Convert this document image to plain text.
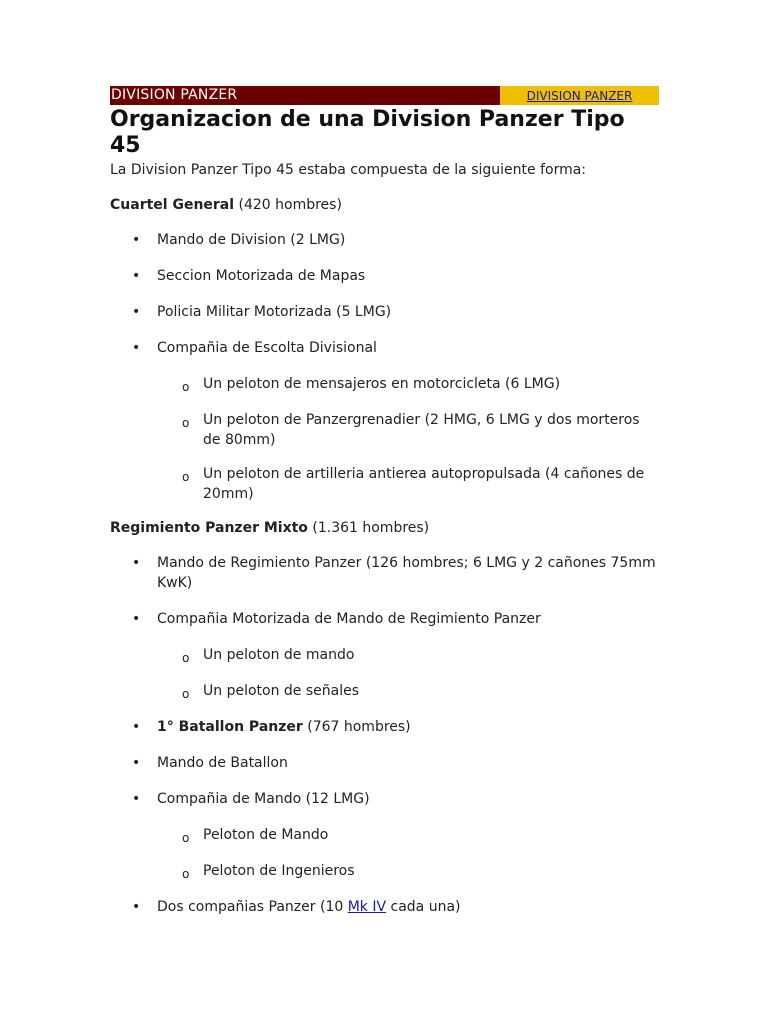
DIVISION PANZER	DIVISION PANZER
Organizacion de una Division Panzer Tipo 45

La Division Panzer Tipo 45 estaba compuesta de la siguiente forma:

Cuartel General (420 hombres)

• Mando de Division (2 LMG)
• Seccion Motorizada de Mapas
• Policia Militar Motorizada (5 LMG)
• Compañia de Escolta Divisional
o Un peloton de mensajeros en motorcicleta (6 LMG)
o Un peloton de Panzergrenadier (2 HMG, 6 LMG y dos morteros de 80mm)
o Un peloton de artilleria antierea autopropulsada (4 cañones de 20mm)

Regimiento Panzer Mixto (1.361 hombres)

• Mando de Regimiento Panzer (126 hombres; 6 LMG y 2 cañones 75mm KwK)
• Compañia Motorizada de Mando de Regimiento Panzer
o Un peloton de mando
o Un peloton de señales
• 1° Batallon Panzer (767 hombres)
• Mando de Batallon
• Compañia de Mando (12 LMG)
o Peloton de Mando
o Peloton de Ingenieros
• Dos compañias Panzer (10 Mk IV cada una)
